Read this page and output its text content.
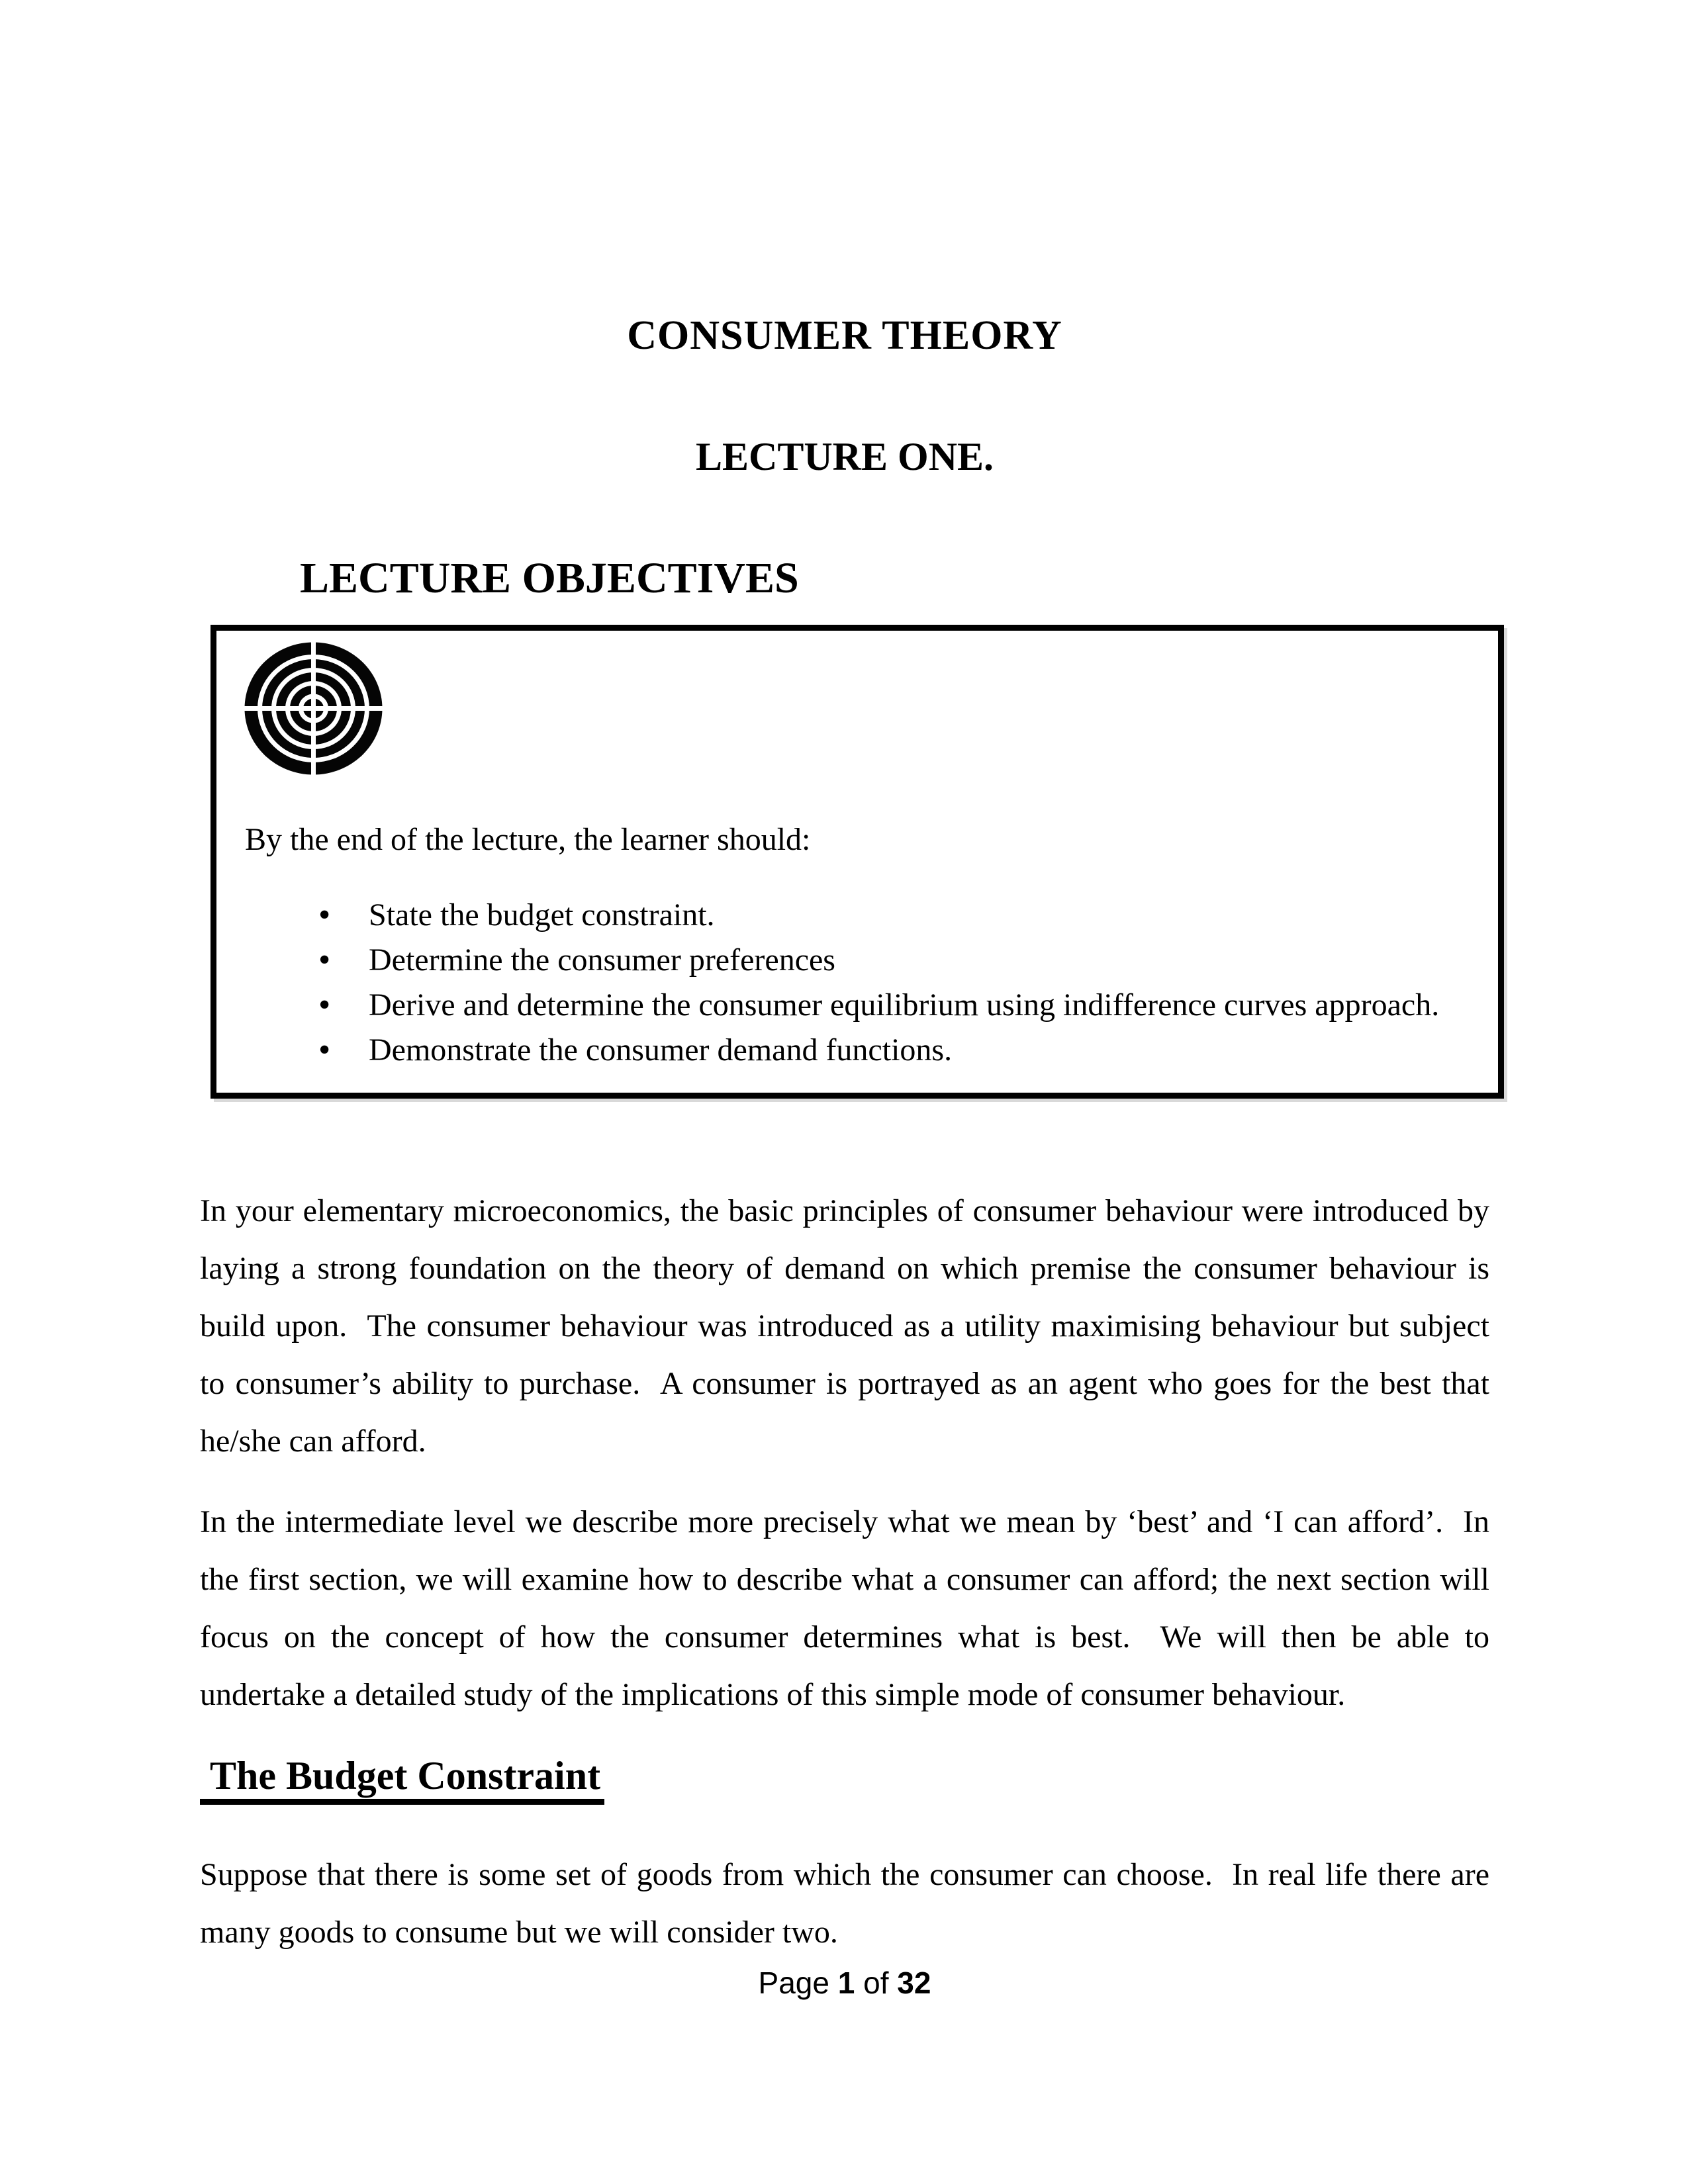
CONSUMER THEORY
LECTURE ONE.
LECTURE OBJECTIVES

By the end of the lecture, the learner should:

• State the budget constraint.
• Determine the consumer preferences
• Derive and determine the consumer equilibrium using indifference curves approach.
• Demonstrate the consumer demand functions.

In your elementary microeconomics, the basic principles of consumer behaviour were introduced by laying a strong foundation on the theory of demand on which premise the consumer behaviour is build upon.  The consumer behaviour was introduced as a utility maximising behaviour but subject to consumer’s ability to purchase.  A consumer is portrayed as an agent who goes for the best that he/she can afford.

In the intermediate level we describe more precisely what we mean by ‘best’ and ‘I can afford’.  In the first section, we will examine how to describe what a consumer can afford; the next section will focus on the concept of how the consumer determines what is best.  We will then be able to undertake a detailed study of the implications of this simple mode of consumer behaviour.

The Budget Constraint

Suppose that there is some set of goods from which the consumer can choose.  In real life there are many goods to consume but we will consider two.

Page 1 of 32
